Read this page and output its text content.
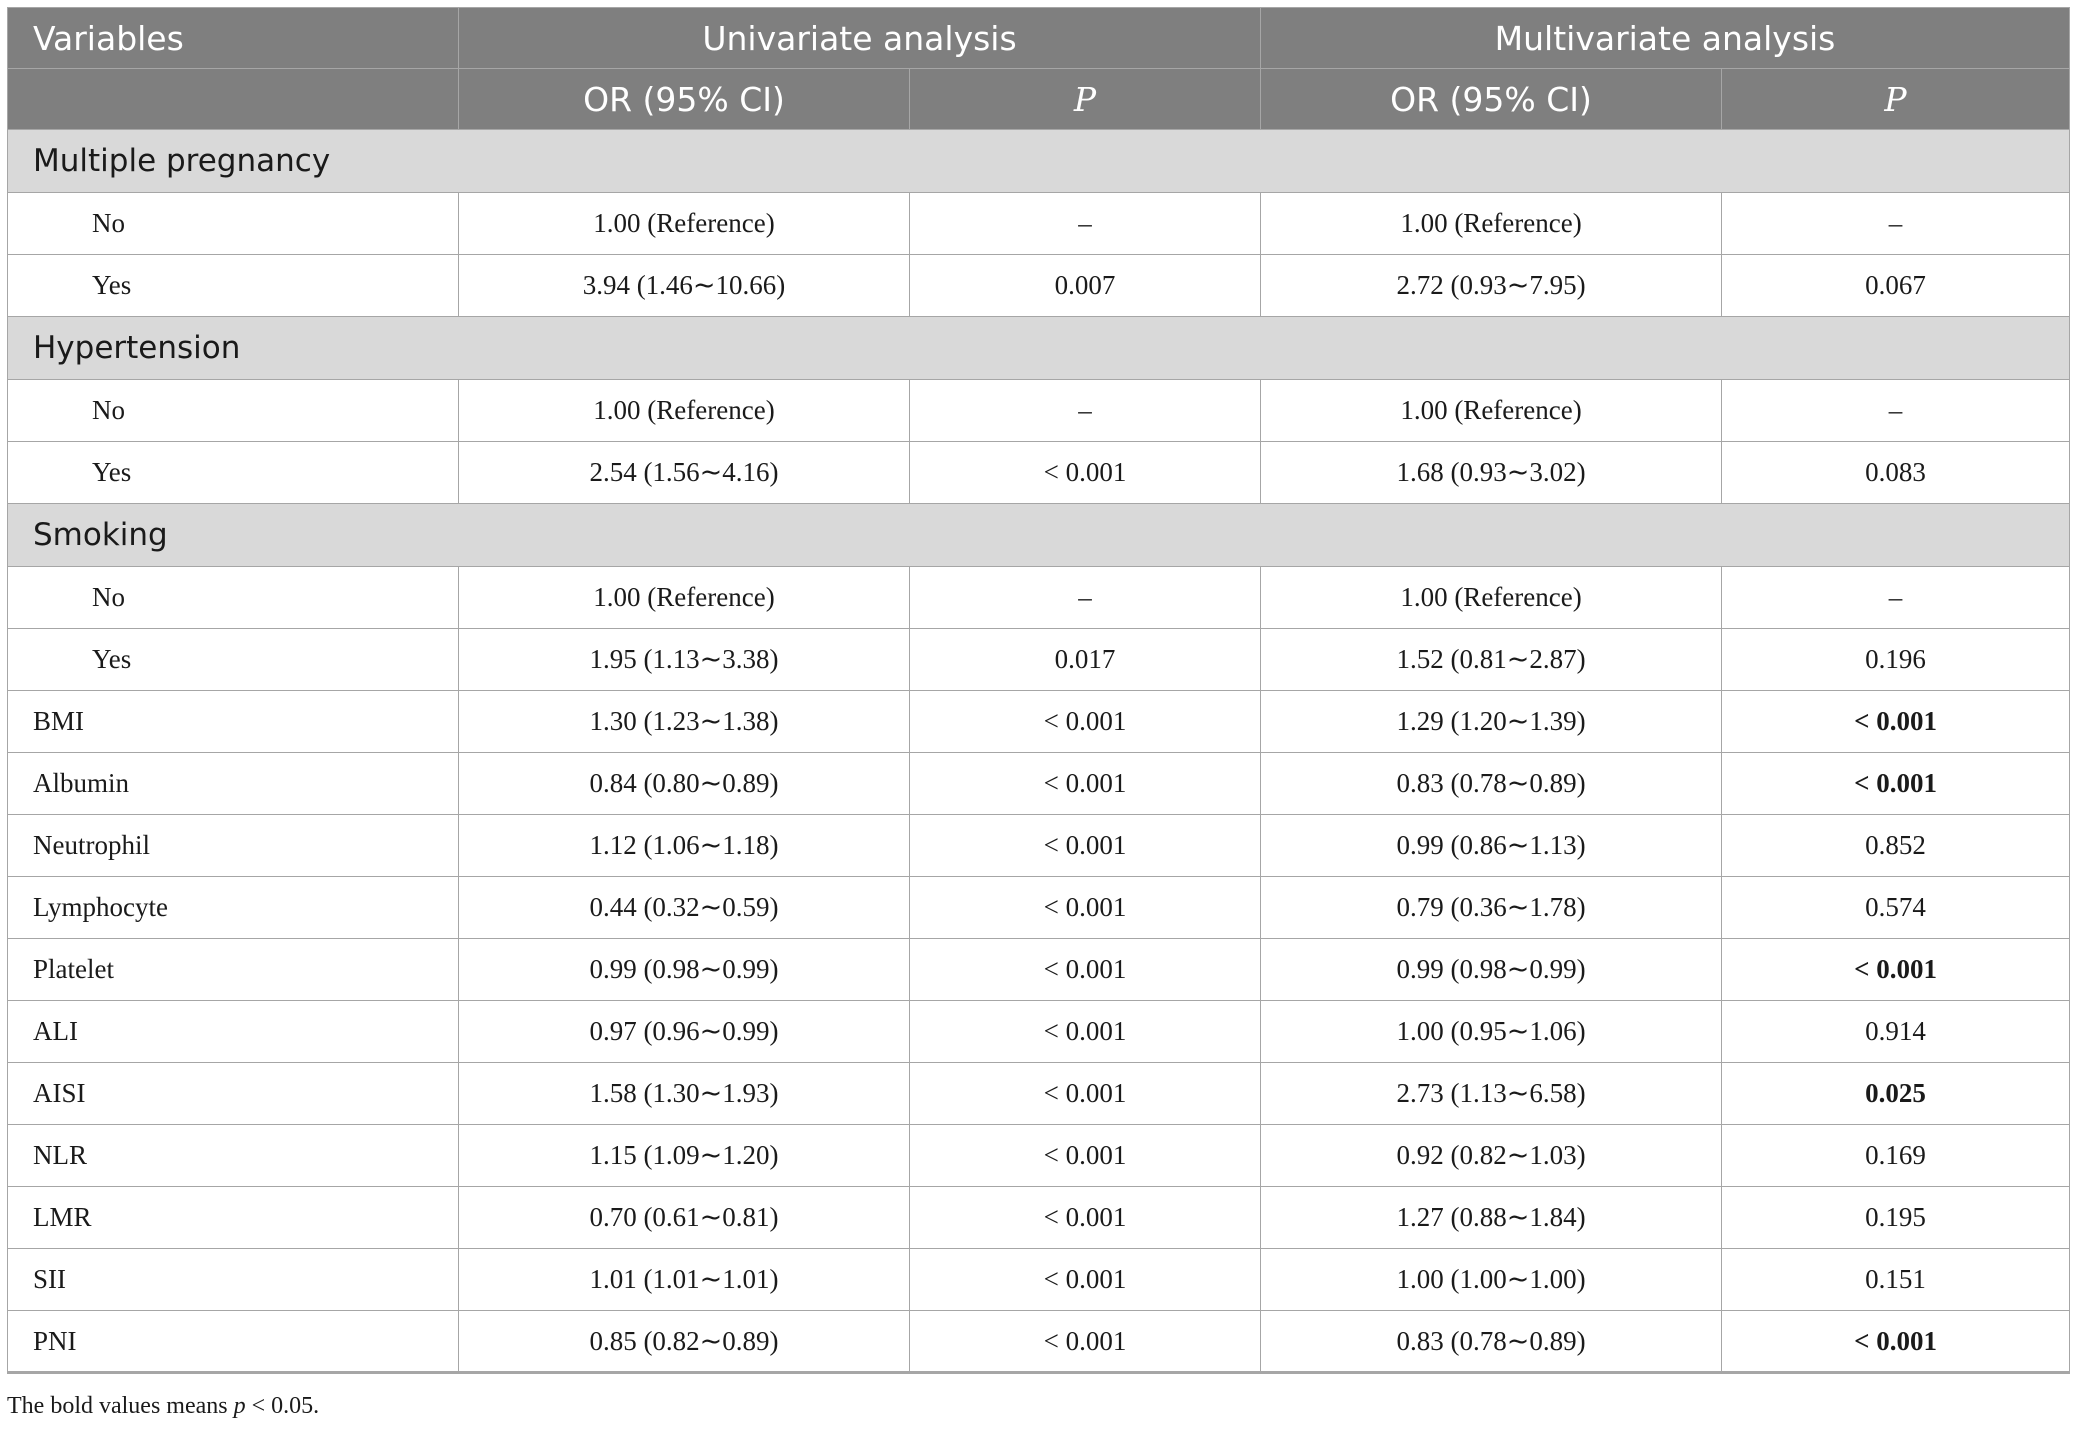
Variables	Univariate analysis		Multivariate analysis	
	OR (95% CI)	P	OR (95% CI)	P
Multiple pregnancy				
No	1.00 (Reference)	–	1.00 (Reference)	–
Yes	3.94 (1.46∼10.66)	0.007	2.72 (0.93∼7.95)	0.067
Hypertension				
No	1.00 (Reference)	–	1.00 (Reference)	–
Yes	2.54 (1.56∼4.16)	< 0.001	1.68 (0.93∼3.02)	0.083
Smoking				
No	1.00 (Reference)	–	1.00 (Reference)	–
Yes	1.95 (1.13∼3.38)	0.017	1.52 (0.81∼2.87)	0.196
BMI	1.30 (1.23∼1.38)	< 0.001	1.29 (1.20∼1.39)	< 0.001
Albumin	0.84 (0.80∼0.89)	< 0.001	0.83 (0.78∼0.89)	< 0.001
Neutrophil	1.12 (1.06∼1.18)	< 0.001	0.99 (0.86∼1.13)	0.852
Lymphocyte	0.44 (0.32∼0.59)	< 0.001	0.79 (0.36∼1.78)	0.574
Platelet	0.99 (0.98∼0.99)	< 0.001	0.99 (0.98∼0.99)	< 0.001
ALI	0.97 (0.96∼0.99)	< 0.001	1.00 (0.95∼1.06)	0.914
AISI	1.58 (1.30∼1.93)	< 0.001	2.73 (1.13∼6.58)	0.025
NLR	1.15 (1.09∼1.20)	< 0.001	0.92 (0.82∼1.03)	0.169
LMR	0.70 (0.61∼0.81)	< 0.001	1.27 (0.88∼1.84)	0.195
SII	1.01 (1.01∼1.01)	< 0.001	1.00 (1.00∼1.00)	0.151
PNI	0.85 (0.82∼0.89)	< 0.001	0.83 (0.78∼0.89)	< 0.001
The bold values means p < 0.05.
